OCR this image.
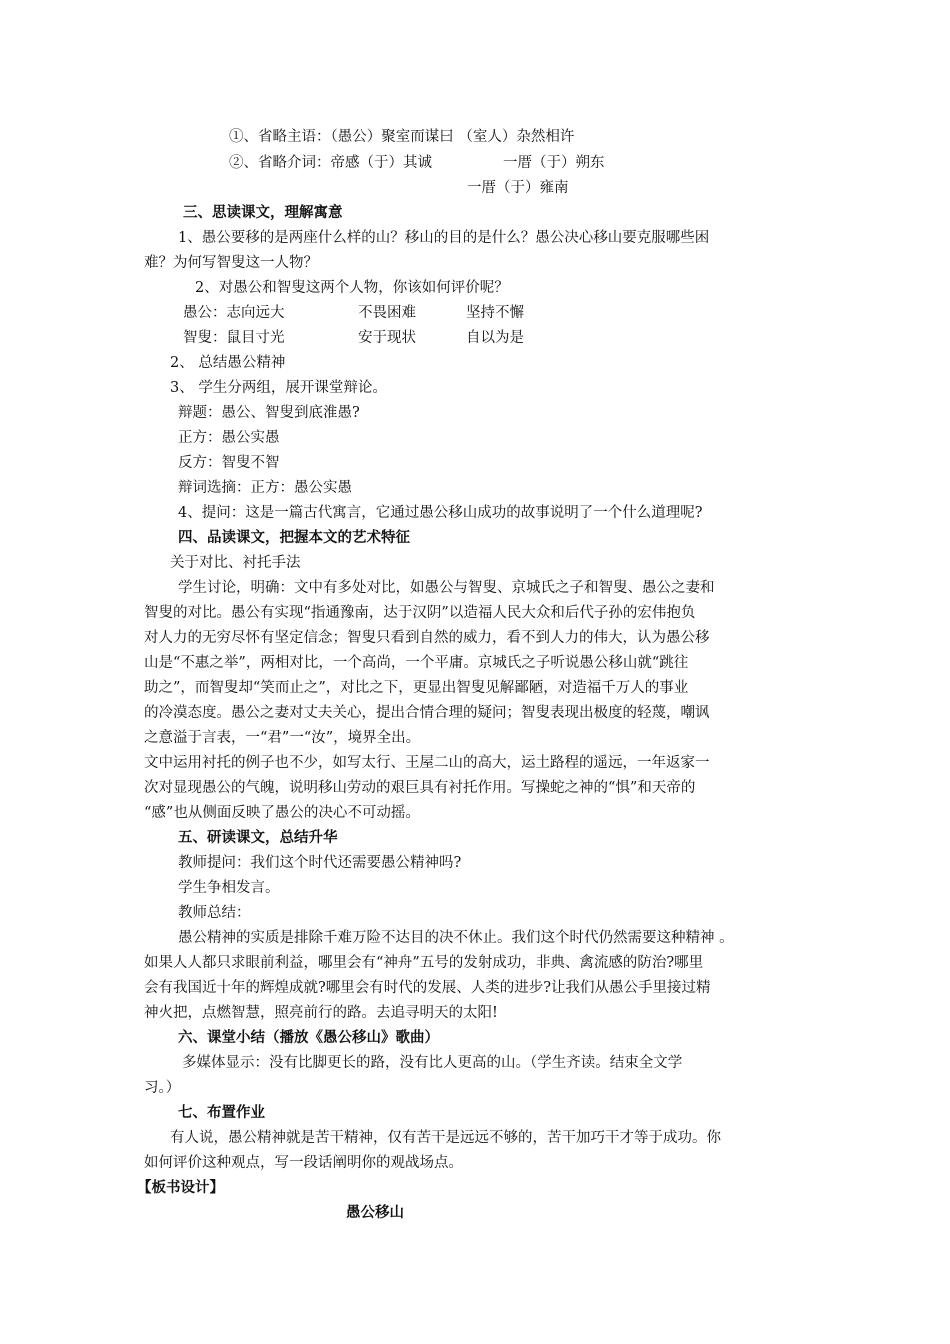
①、省略主语：（愚公）聚室而谋曰 （室人）杂然相许
②、省略介词：帝感（于）其诚	一厝（于）朔东
一厝（于）雍南
三、思读课文，理解寓意
1、愚公要移的是两座什么样的山？移山的目的是什么？愚公决心移山要克服哪些困
难？为何写智叟这一人物？
2、对愚公和智叟这两个人物，你该如何评价呢？
愚公：志向远大	不畏困难	坚持不懈
智叟：鼠目寸光	安于现状	自以为是
2、 总结愚公精神
3、 学生分两组，展开课堂辩论。
辩题：愚公、智叟到底淮愚?
正方：愚公实愚
反方：智叟不智
辩词选摘：正方：愚公实愚
4、提问：这是一篇古代寓言，它通过愚公移山成功的故事说明了一个什么道理呢?
四、品读课文，把握本文的艺术特征
关于对比、衬托手法
学生讨论，明确：文中有多处对比，如愚公与智叟、京城氏之子和智叟、愚公之妻和
智叟的对比。愚公有实现“指通豫南，达于汉阴”以造福人民大众和后代子孙的宏伟抱负
对人力的无穷尽怀有坚定信念；智叟只看到自然的威力，看不到人力的伟大，认为愚公移
山是“不惠之举”，两相对比，一个高尚，一个平庸。京城氏之子听说愚公移山就“跳往
助之”，而智叟却“笑而止之”，对比之下，更显出智叟见解鄙陋，对造福千万人的事业
的冷漠态度。愚公之妻对丈夫关心，提出合情合理的疑问；智叟表现出极度的轻蔑，嘲讽
之意溢于言表，一“君”一“汝”，境界全出。
文中运用衬托的例子也不少，如写太行、王屋二山的高大，运土路程的遥远，一年返家一
次对显现愚公的气魄，说明移山劳动的艰巨具有衬托作用。写操蛇之神的“惧”和天帝的
“感”也从侧面反映了愚公的决心不可动摇。
五、研读课文，总结升华
教师提问：我们这个时代还需要愚公精神吗?
学生争相发言。
教师总结：
愚公精神的实质是排除千难万险不达目的决不休止。我们这个时代仍然需要这种精神 。
如果人人都只求眼前利益，哪里会有“神舟”五号的发射成功，非典、禽流感的防治?哪里
会有我国近十年的辉煌成就?哪里会有时代的发展、人类的进步?让我们从愚公手里接过精
神火把，点燃智慧，照亮前行的路。去追寻明天的太阳!
六、课堂小结（播放《愚公移山》歌曲）
多媒体显示：没有比脚更长的路，没有比人更高的山。（学生齐读。结束全文学
习。）
七、布置作业
有人说，愚公精神就是苦干精神，仅有苦干是远远不够的，苦干加巧干才等于成功。你
如何评价这种观点，写一段话阐明你的观战场点。
【板书设计】
愚公移山
